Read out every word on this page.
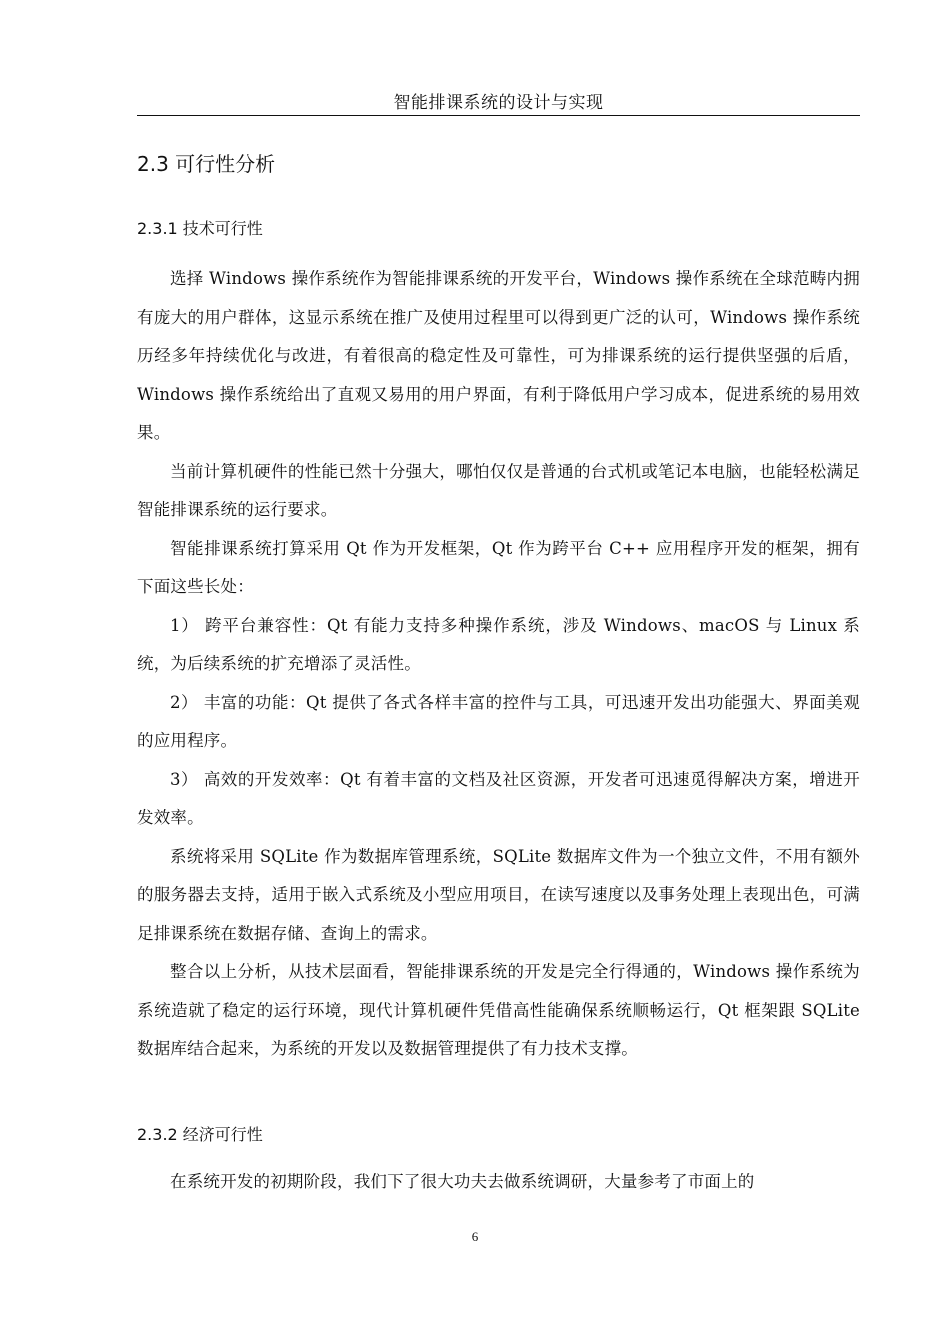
智能排课系统的设计与实现
2.3 可行性分析
2.3.1 技术可行性

选择 Windows 操作系统作为智能排课系统的开发平台，Windows 操作系统在全球范畴内拥有庞大的用户群体，这显示系统在推广及使用过程里可以得到更广泛的认可，Windows 操作系统历经多年持续优化与改进，有着很高的稳定性及可靠性，可为排课系统的运行提供坚强的后盾，Windows 操作系统给出了直观又易用的用户界面，有利于降低用户学习成本，促进系统的易用效果。

当前计算机硬件的性能已然十分强大，哪怕仅仅是普通的台式机或笔记本电脑，也能轻松满足智能排课系统的运行要求。

智能排课系统打算采用 Qt 作为开发框架，Qt 作为跨平台 C++ 应用程序开发的框架，拥有下面这些长处：

1） 跨平台兼容性：Qt 有能力支持多种操作系统，涉及 Windows、macOS 与 Linux 系统，为后续系统的扩充增添了灵活性。

2） 丰富的功能：Qt 提供了各式各样丰富的控件与工具，可迅速开发出功能强大、界面美观的应用程序。

3） 高效的开发效率：Qt 有着丰富的文档及社区资源，开发者可迅速觅得解决方案，增进开发效率。

系统将采用 SQLite 作为数据库管理系统，SQLite 数据库文件为一个独立文件，不用有额外的服务器去支持，适用于嵌入式系统及小型应用项目，在读写速度以及事务处理上表现出色，可满足排课系统在数据存储、查询上的需求。

整合以上分析，从技术层面看，智能排课系统的开发是完全行得通的，Windows 操作系统为系统造就了稳定的运行环境，现代计算机硬件凭借高性能确保系统顺畅运行，Qt 框架跟 SQLite 数据库结合起来，为系统的开发以及数据管理提供了有力技术支撑。

2.3.2 经济可行性

在系统开发的初期阶段，我们下了很大功夫去做系统调研，大量参考了市面上的

6
